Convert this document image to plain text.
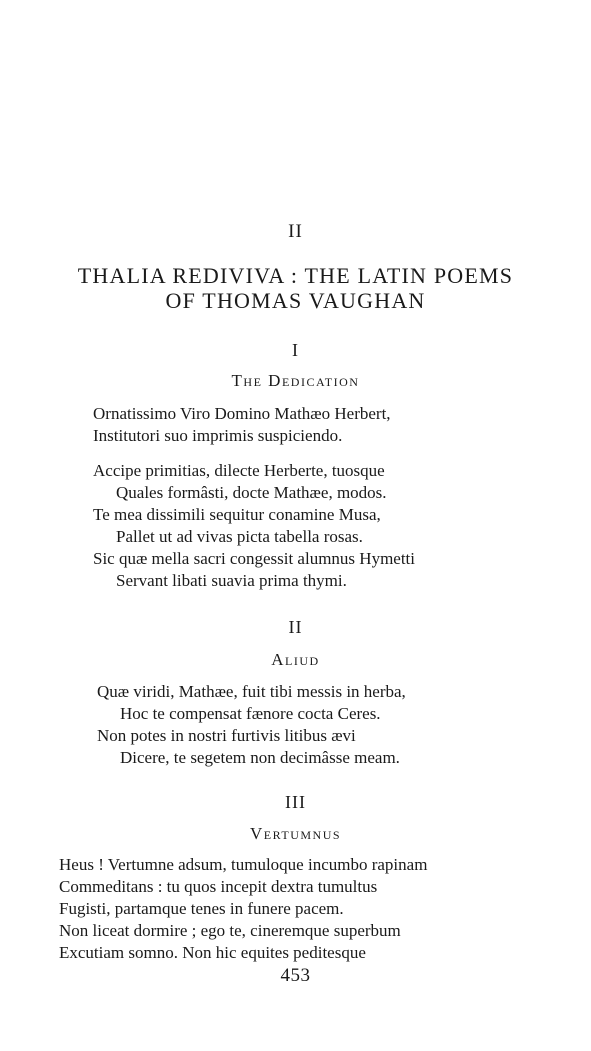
II
THALIA REDIVIVA : THE LATIN POEMS
OF THOMAS VAUGHAN
I
The Dedication
Ornatissimo Viro Domino Mathæo Herbert,
Institutori suo imprimis suspiciendo.
Accipe primitias, dilecte Herberte, tuosque
Quales formâsti, docte Mathæe, modos.
Te mea dissimili sequitur conamine Musa,
Pallet ut ad vivas picta tabella rosas.
Sic quæ mella sacri congessit alumnus Hymetti
Servant libati suavia prima thymi.
II
Aliud
Quæ viridi, Mathæe, fuit tibi messis in herba,
Hoc te compensat fænore cocta Ceres.
Non potes in nostri furtivis litibus ævi
Dicere, te segetem non decimâsse meam.
III
Vertumnus
Heus ! Vertumne adsum, tumuloque incumbo rapinam
Commeditans : tu quos incepit dextra tumultus
Fugisti, partamque tenes in funere pacem.
Non liceat dormire ; ego te, cineremque superbum
Excutiam somno. Non hic equites peditesque
453
